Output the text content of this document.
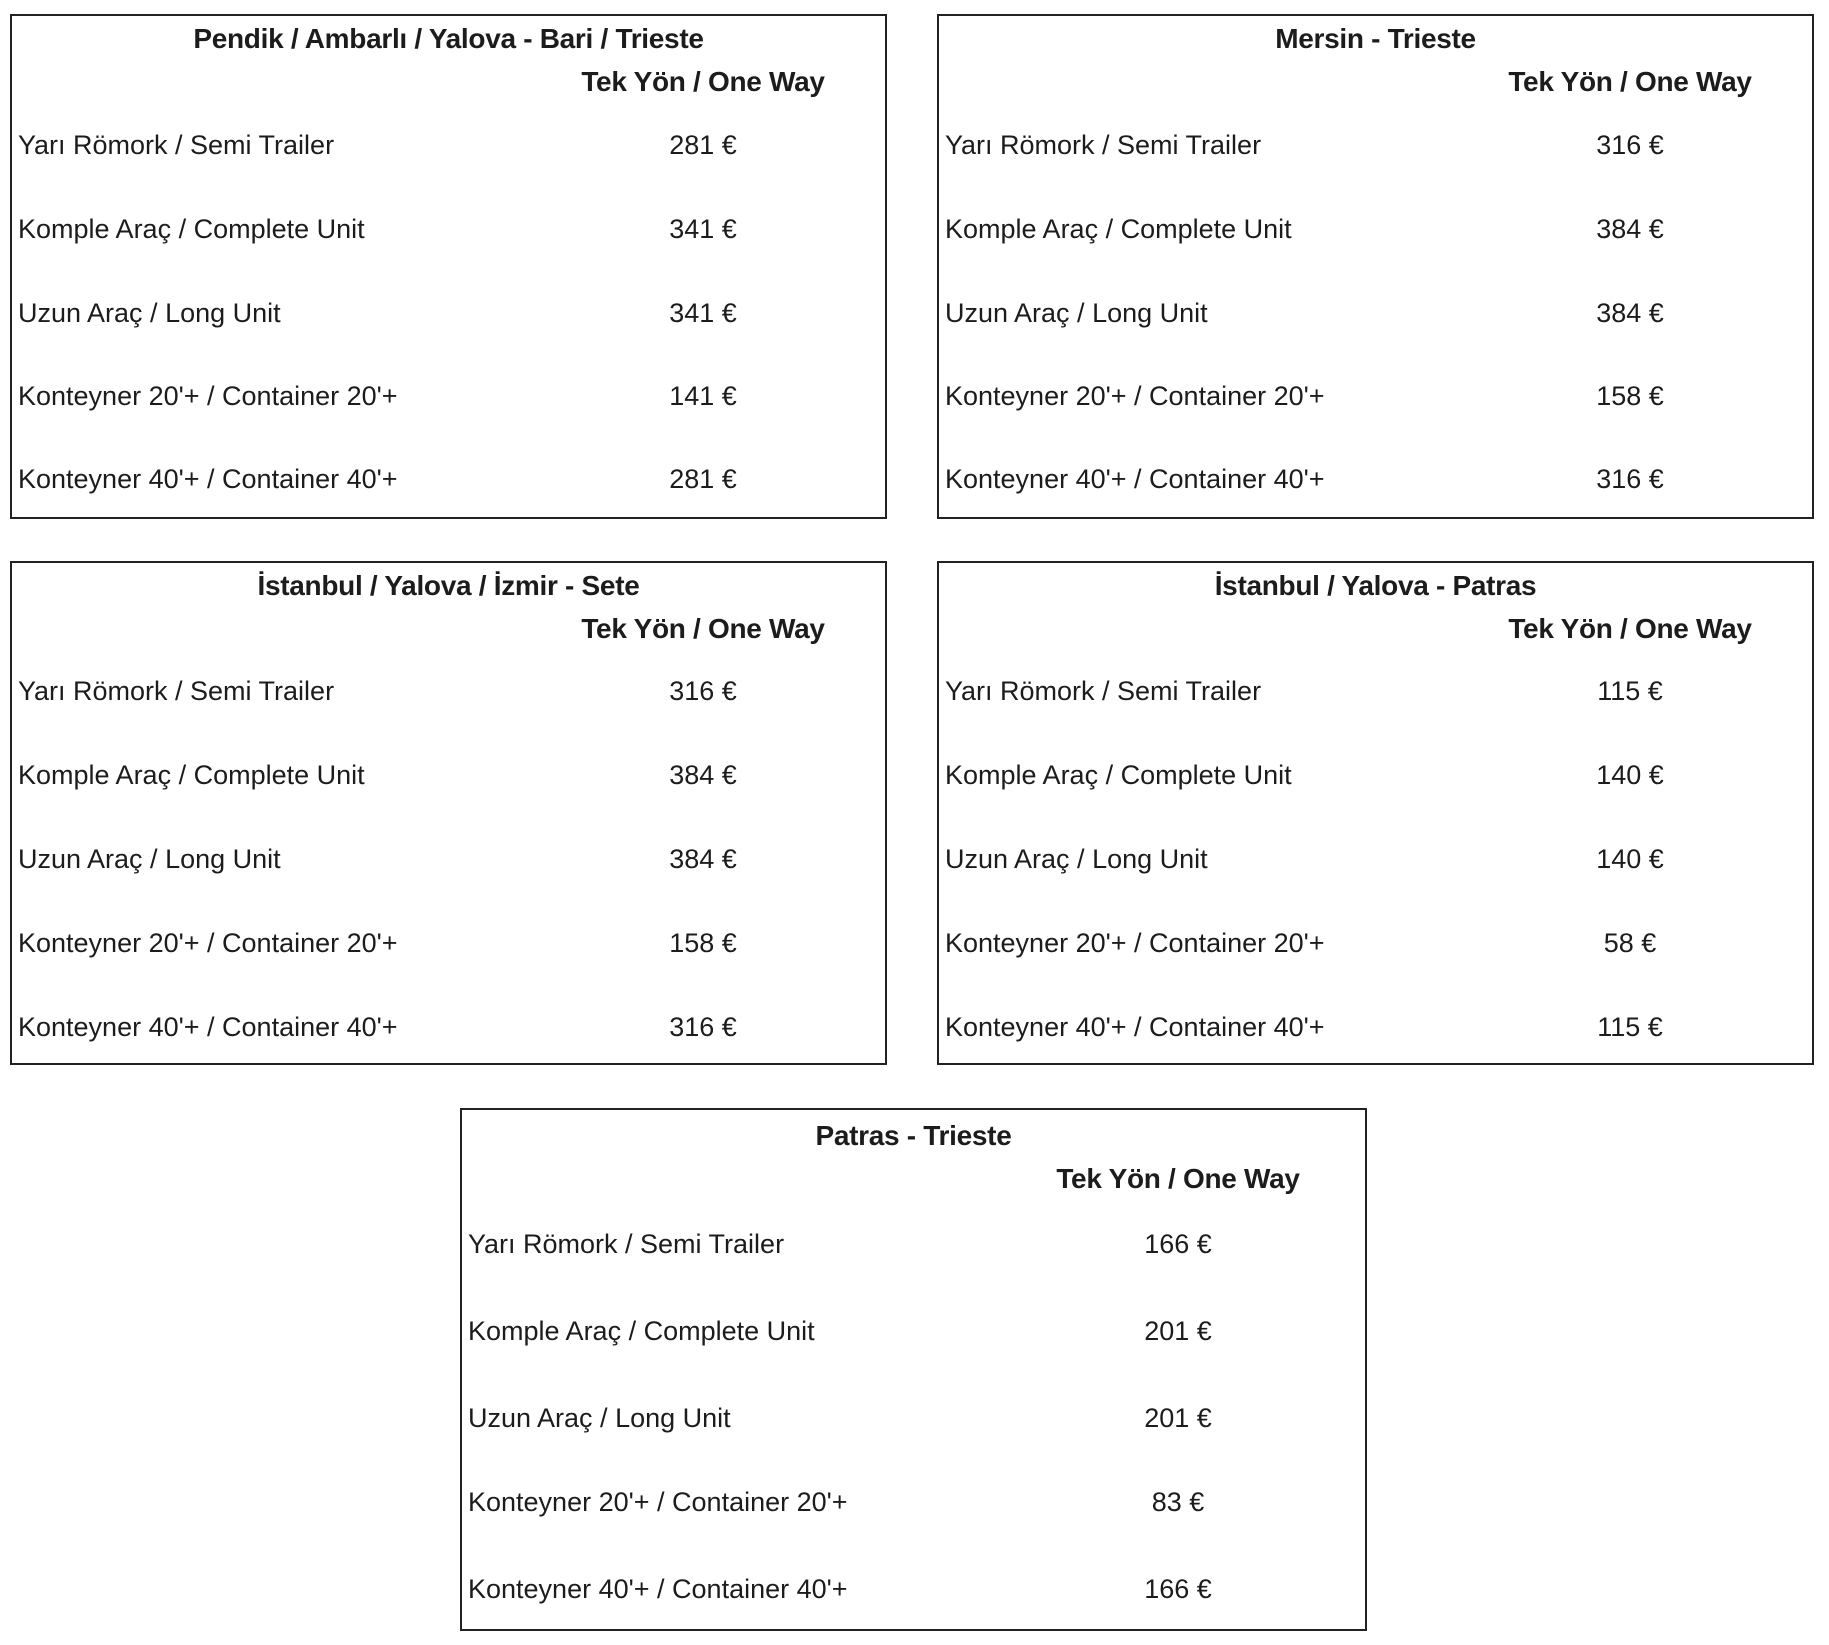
Pendik / Ambarlı / Yalova - Bari / Trieste
Tek Yön / One Way
Yarı Römork / Semi Trailer	281 €
Komple Araç / Complete Unit	341 €
Uzun Araç / Long Unit	341 €
Konteyner 20'+ / Container 20'+	141 €
Konteyner 40'+ / Container 40'+	281 €
Mersin - Trieste
Tek Yön / One Way
Yarı Römork / Semi Trailer	316 €
Komple Araç / Complete Unit	384 €
Uzun Araç / Long Unit	384 €
Konteyner 20'+ / Container 20'+	158 €
Konteyner 40'+ / Container 40'+	316 €
İstanbul / Yalova / İzmir - Sete
Tek Yön / One Way
Yarı Römork / Semi Trailer	316 €
Komple Araç / Complete Unit	384 €
Uzun Araç / Long Unit	384 €
Konteyner 20'+ / Container 20'+	158 €
Konteyner 40'+ / Container 40'+	316 €
İstanbul / Yalova - Patras
Tek Yön / One Way
Yarı Römork / Semi Trailer	115 €
Komple Araç / Complete Unit	140 €
Uzun Araç / Long Unit	140 €
Konteyner 20'+ / Container 20'+	58 €
Konteyner 40'+ / Container 40'+	115 €
Patras - Trieste
Tek Yön / One Way
Yarı Römork / Semi Trailer	166 €
Komple Araç / Complete Unit	201 €
Uzun Araç / Long Unit	201 €
Konteyner 20'+ / Container 20'+	83 €
Konteyner 40'+ / Container 40'+	166 €
